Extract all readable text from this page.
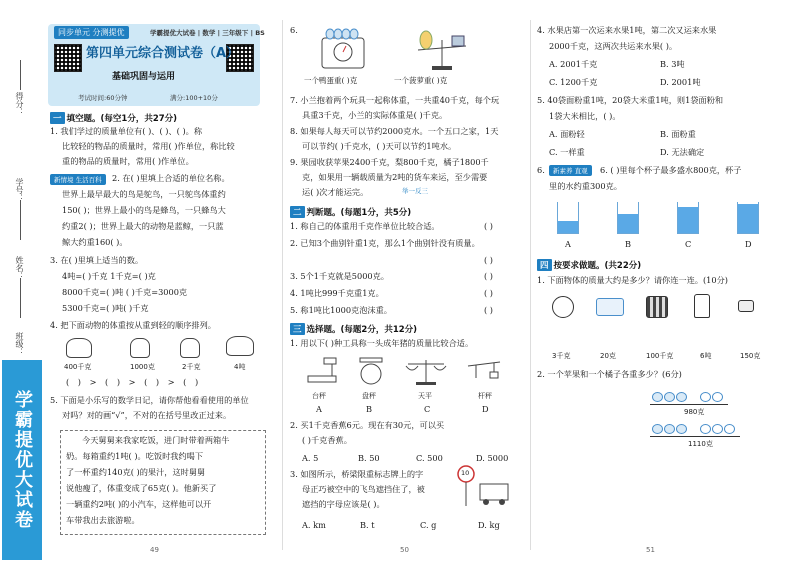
得分：
学号：
姓名：
班级：
学霸提优大试卷
同步单元 分测提优	学霸提优大试卷 | 数学 | 三年级下 | BS
第四单元综合测试卷（A）
基础巩固与运用
考试时间:60分钟	满分:100+10分
一 填空题。(每空1分，共27分)
1. 我们学过的质量单位有( )、( )、( )。称
比较轻的物品的质量时，常用( )作单位，称比较
重的物品的质量时，常用( )作单位。
新情境 生活百科	2. 在( )里填上合适的单位名称。
世界上最早最大的鸟是鸵鸟，一只鸵鸟体重约
150( )；世界上最小的鸟是蜂鸟，一只蜂鸟大
约重2( )；世界上最大的动物是蓝鲸，一只蓝
鲸大约重160( )。
3. 在( )里填上适当的数。
4吨=( )千克 1千克=( )克
8000千克=( )吨 ( )千克=3000克
5300千克=( )吨( )千克
4. 把下面动物的体重按从重到轻的顺序排列。
400千克	1000克	2千克	4吨
( ) > ( ) > ( ) > ( )
5. 下面是小乐写的数学日记，请你帮他看看使用的单位
对吗？对的画“√”，不对的在括号里改正过来。
今天舅舅来我家吃饭，进门时带着两箱牛
奶。每箱重约1吨( )。吃饭时我约喝下
了一杯重约140克( )的果汁，这时舅舅
说他瘦了，体重变成了65克( )。他新买了
一辆重约2吨( )的小汽车，这样他可以开
车带我出去旅游啦。
49
6.
一个鸭蛋重( )克	一个菠萝重( )克
7. 小兰抱着两个玩具一起称体重，一共重40千克，每个玩
具重3千克，小兰的实际体重是( )千克。
8. 如果每人每天可以节约2000克水。一个五口之家，1天
可以节约( )千克水，( )天可以节约1吨水。
9. 果园收获苹果2400千克，梨800千克，橘子1800千
克，如果用一辆载质量为2吨的货车来运，至少需要
运( )次才能运完。	举一反三
二 判断题。(每题1分，共5分)
1. 称自己的体重用千克作单位比较合适。	( )
2. 已知3个曲别针重1克，那么1个曲别针没有质量。
( )
3. 5个1千克就是5000克。	( )
4. 1吨比999千克重1克。	( )
5. 称1吨比1000克泡沫重。	( )
三 选择题。(每题2分，共12分)
1. 用以下( )种工具称一头成年猪的质量比较合适。
台秤	盘秤	天平	杆秤
A	B	C	D
2. 买1千克香蕉6元。现在有30元，可以买
( )千克香蕉。
A. 5	B. 50	C. 500	D. 5000
3. 如图所示，桥梁限重标志牌上的字
母正巧被空中的飞鸟遮挡住了，被
遮挡的字母应该是( )。
10
A. km	B. t	C. g	D. kg
50
4. 水果店第一次运来水果1吨，第二次又运来水果
2000千克，这两次共运来水果( )。
A. 2001千克	B. 3吨
C. 1200千克	D. 2001吨
5. 40袋面粉重1吨，20袋大米重1吨，则1袋面粉和
1袋大米相比，( )。
A. 面粉轻	B. 面粉重
C. 一样重	D. 无法确定
6.	新素养 直观	6. ( )里每个杯子最多盛水800克，杯子
里的水约重300克。
A	B	C	D
四 按要求做题。(共22分)
1. 下面物体的质量大约是多少？请你连一连。(10分)
3千克	20克	100千克	6吨	150克
2. 一个苹果和一个橘子各重多少？(6分)
980克
1110克
51
